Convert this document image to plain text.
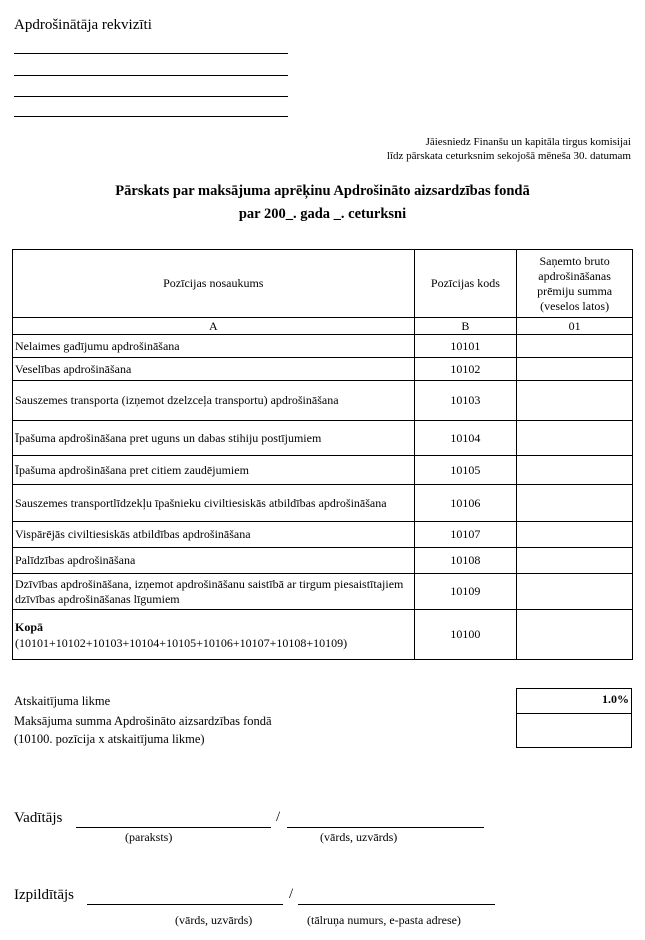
Apdrošinātāja rekvizīti
Jāiesniedz Finanšu un kapitāla tirgus komisijai
līdz pārskata ceturksnim sekojošā mēneša 30. datumam
Pārskats par maksājuma aprēķinu Apdrošināto aizsardzības fondā
par 200_. gada _. ceturksni
Pozīcijas nosaukums	Pozīcijas kods	Saņemto bruto apdrošināšanas prēmiju summa (veselos latos)
A	B	01
Nelaimes gadījumu apdrošināšana	10101	
Veselības apdrošināšana	10102	
Sauszemes transporta (izņemot dzelzceļa transportu) apdrošināšana	10103	
Īpašuma apdrošināšana pret uguns un dabas stihiju postījumiem	10104	
Īpašuma apdrošināšana pret citiem zaudējumiem	10105	
Sauszemes transportlīdzekļu īpašnieku civiltiesiskās atbildības apdrošināšana	10106	
Vispārējās civiltiesiskās atbildības apdrošināšana	10107	
Palīdzības apdrošināšana	10108	
Dzīvības apdrošināšana, izņemot apdrošināšanu saistībā ar tirgum piesaistītajiem dzīvības apdrošināšanas līgumiem	10109	
Kopā
(10101+10102+10103+10104+10105+10106+10107+10108+10109)	10100	
1.0%
Atskaitījuma likme
Maksājuma summa Apdrošināto aizsardzības fondā
(10100. pozīcija x atskaitījuma likme)
Vadītājs	/
(paraksts)	(vārds, uzvārds)
Izpildītājs	/
(vārds, uzvārds)	(tālruņa numurs, e-pasta adrese)
